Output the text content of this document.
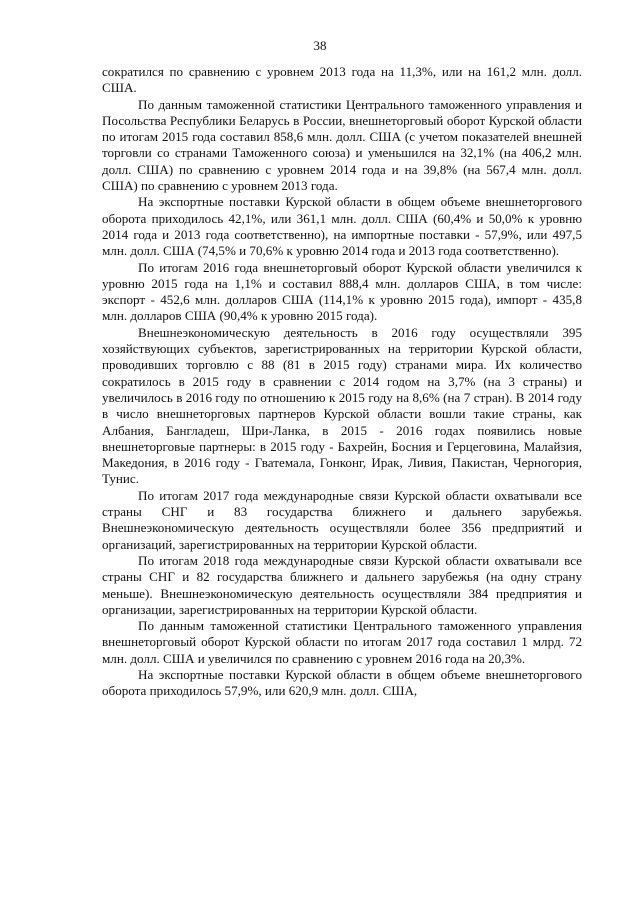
38

сократился по сравнению с уровнем 2013 года на 11,3%, или на 161,2 млн. долл. США.

По данным таможенной статистики Центрального таможенного управления и Посольства Республики Беларусь в России, внешнеторговый оборот Курской области по итогам 2015 года составил 858,6 млн. долл. США (с учетом показателей внешней торговли со странами Таможенного союза) и уменьшился на 32,1% (на 406,2 млн. долл. США) по сравнению с уровнем 2014 года и на 39,8% (на 567,4 млн. долл. США) по сравнению с уровнем 2013 года.

На экспортные поставки Курской области в общем объеме внешнеторгового оборота приходилось 42,1%, или 361,1 млн. долл. США (60,4% и 50,0% к уровню 2014 года и 2013 года соответственно), на импортные поставки - 57,9%, или 497,5 млн. долл. США (74,5% и 70,6% к уровню 2014 года и 2013 года соответственно).

По итогам 2016 года внешнеторговый оборот Курской области увеличился к уровню 2015 года на 1,1% и составил 888,4 млн. долларов США, в том числе: экспорт - 452,6 млн. долларов США (114,1% к уровню 2015 года), импорт - 435,8 млн. долларов США (90,4% к уровню 2015 года).

Внешнеэкономическую деятельность в 2016 году осуществляли 395 хозяйствующих субъектов, зарегистрированных на территории Курской области, проводивших торговлю с 88 (81 в 2015 году) странами мира. Их количество сократилось в 2015 году в сравнении с 2014 годом на 3,7% (на 3 страны) и увеличилось в 2016 году по отношению к 2015 году на 8,6% (на 7 стран). В 2014 году в число внешнеторговых партнеров Курской области вошли такие страны, как Албания, Бангладеш, Шри-Ланка, в 2015 - 2016 годах появились новые внешнеторговые партнеры: в 2015 году - Бахрейн, Босния и Герцеговина, Малайзия, Македония, в 2016 году - Гватемала, Гонконг, Ирак, Ливия, Пакистан, Черногория, Тунис.

По итогам 2017 года международные связи Курской области охватывали все страны СНГ и 83 государства ближнего и дальнего зарубежья. Внешнеэкономическую деятельность осуществляли более 356 предприятий и организаций, зарегистрированных на территории Курской области.

По итогам 2018 года международные связи Курской области охватывали все страны СНГ и 82 государства ближнего и дальнего зарубежья (на одну страну меньше). Внешнеэкономическую деятельность осуществляли 384 предприятия и организации, зарегистрированных на территории Курской области.

По данным таможенной статистики Центрального таможенного управления внешнеторговый оборот Курской области по итогам 2017 года составил 1 млрд. 72 млн. долл. США и увеличился по сравнению с уровнем 2016 года на 20,3%.

На экспортные поставки Курской области в общем объеме внешнеторгового оборота приходилось 57,9%, или 620,9 млн. долл. США,
